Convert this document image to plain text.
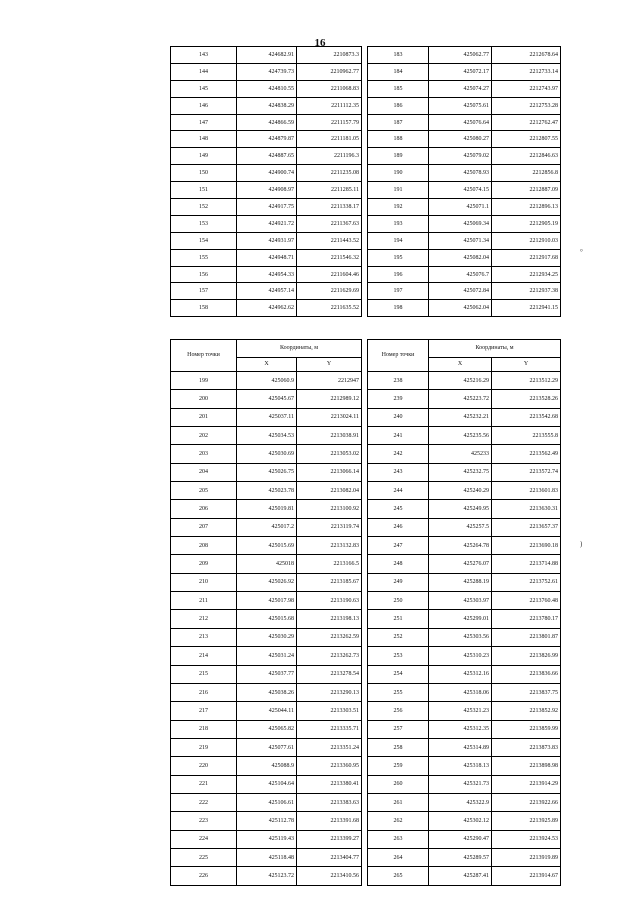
16
°
)
143	424682.91	2210873.3
144	424739.73	2210962.77
145	424810.55	2211068.83
146	424838.29	2211112.35
147	424866.59	2211157.79
148	424879.87	2211181.05
149	424887.65	2211196.3
150	424900.74	2211235.08
151	424908.97	2211285.11
152	424917.75	2211338.17
153	424921.72	2211367.63
154	424931.97	2211443.52
155	424948.71	2211546.32
156	424954.33	2211604.46
157	424957.14	2211629.69
158	424962.62	2211635.52
183	425062.77	2212678.64
184	425072.17	2212733.14
185	425074.27	2212743.97
186	425075.61	2212753.28
187	425076.64	2212762.47
188	425080.27	2212807.55
189	425079.02	2212846.63
190	425078.93	2212856.8
191	425074.15	2212887.09
192	425071.1	2212896.13
193	425069.34	2212905.19
194	425071.34	2212910.03
195	425082.04	2212917.68
196	425076.7	2212934.25
197	425072.84	2212937.38
198	425062.04	2212941.15
Номер точки	Координаты, м	
	X	Y
199	425060.9	2212947
200	425045.67	2212989.12
201	425037.11	2213024.11
202	425034.53	2213038.91
203	425030.69	2213053.02
204	425026.75	2213066.14
205	425023.78	2213082.04
206	425019.81	2213100.92
207	425017.2	2213119.74
208	425015.69	2213132.83
209	425018	2213166.5
210	425026.92	2213185.67
211	425017.98	2213190.63
212	425015.68	2213198.13
213	425030.29	2213262.59
214	425031.24	2213262.73
215	425037.77	2213278.54
216	425038.26	2213290.13
217	425044.11	2213303.51
218	425065.82	2213335.71
219	425077.61	2213351.24
220	425088.9	2213360.95
221	425104.64	2213380.41
222	425106.61	2213383.63
223	425112.78	2213391.68
224	425119.43	2213399.27
225	425118.48	2213404.77
226	425123.72	2213410.56
Номер точки	Координаты, м	
	X	Y
238	425216.29	2213512.29
239	425223.72	2213528.26
240	425232.21	2213542.68
241	425235.56	2213555.8
242	425233	2213562.49
243	425232.75	2213572.74
244	425240.29	2213601.83
245	425249.95	2213630.31
246	425257.5	2213657.37
247	425264.78	2213690.18
248	425276.07	2213714.88
249	425288.19	2213752.61
250	425303.97	2213760.48
251	425299.01	2213780.17
252	425303.56	2213801.87
253	425310.23	2213826.99
254	425312.16	2213836.66
255	425318.06	2213837.75
256	425321.23	2213852.92
257	425312.35	2213859.99
258	425314.89	2213873.83
259	425318.13	2213898.98
260	425321.73	2213914.29
261	425322.9	2213922.66
262	425302.12	2213925.89
263	425290.47	2213924.53
264	425289.57	2213919.89
265	425287.41	2213914.67
